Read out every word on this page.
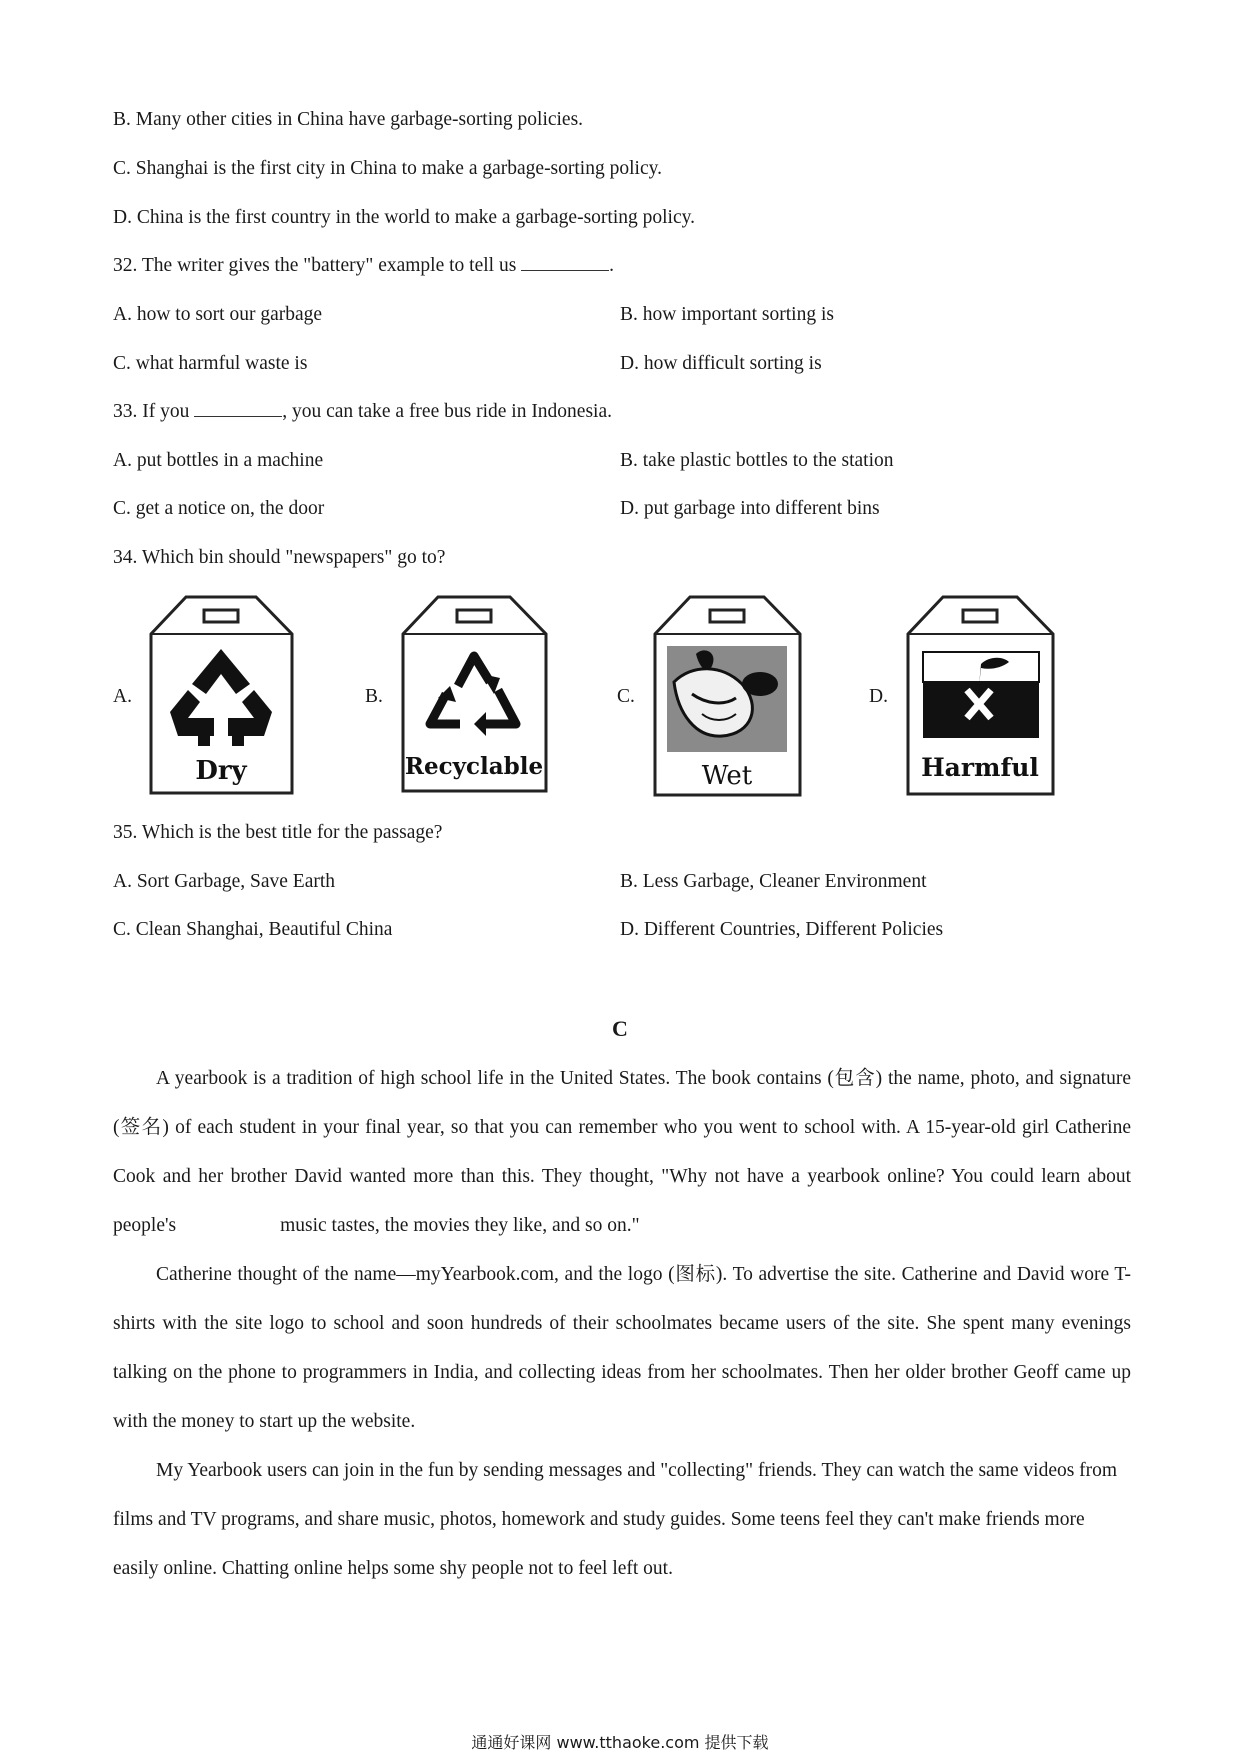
B. Many other cities in China have garbage-sorting policies.
C. Shanghai is the first city in China to make a garbage-sorting policy.
D. China is the first country in the world to make a garbage-sorting policy.
32. The writer gives the "battery" example to tell us	.
A. how to sort our garbage	B. how important sorting is
C. what harmful waste is	D. how difficult sorting is
33. If you	, you can take a free bus ride in Indonesia.
A. put bottles in a machine	B. take plastic bottles to the station
C. get a notice on, the door	D. put garbage into different bins
34. Which bin should "newspapers" go to?
A.
Dry
B.
Recyclable
C.
Wet
D.
Harmful
35. Which is the best title for the passage?
A. Sort Garbage, Save Earth	B. Less Garbage, Cleaner Environment
C. Clean Shanghai, Beautiful China	D. Different Countries, Different Policies
C

A yearbook is a tradition of high school life in the United States. The book contains (包含) the name, photo, and signature (签名) of each student in your final year, so that you can remember who you went to school with. A 15-year-old girl Catherine Cook and her brother David wanted more than this. They thought, "Why not have a yearbook online? You could learn about people's	music tastes, the movies they like, and so on."

Catherine thought of the name—myYearbook.com, and the logo (图标). To advertise the site. Catherine and David wore T-shirts with the site logo to school and soon hundreds of their schoolmates became users of the site. She spent many evenings talking on the phone to programmers in India, and collecting ideas from her schoolmates. Then her older brother Geoff came up with the money to start up the website.

My Yearbook users can join in the fun by sending messages and "collecting" friends. They can watch the same videos from films and TV programs, and share music, photos, homework and study guides. Some teens feel they can't make friends more easily online. Chatting online helps some shy people not to feel left out.

通通好课网 www.tthaoke.com 提供下载
